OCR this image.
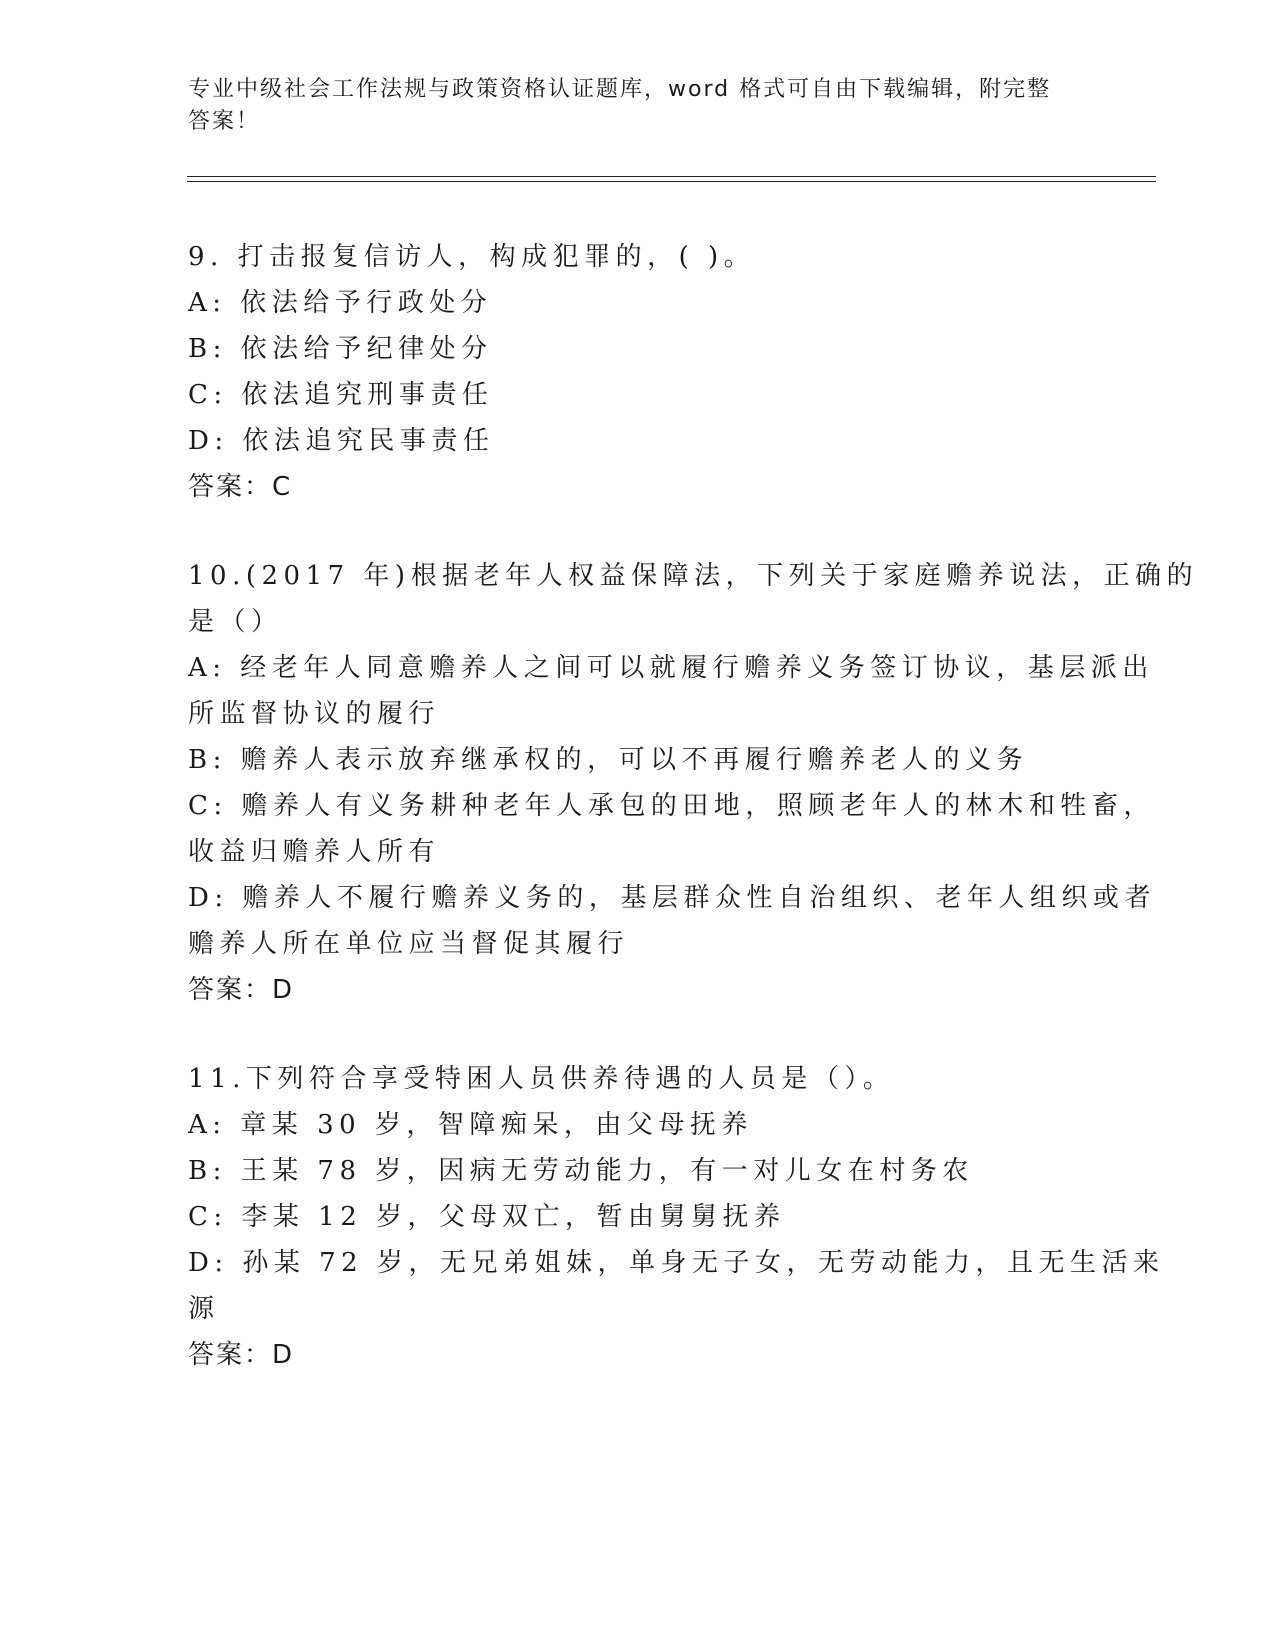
专业中级社会工作法规与政策资格认证题库，word 格式可自由下载编辑，附完整
答案！
9. 打击报复信访人，构成犯罪的，( )。
A: 依法给予行政处分
B: 依法给予纪律处分
C: 依法追究刑事责任
D: 依法追究民事责任
答案：C
10.(2017 年)根据老年人权益保障法，下列关于家庭赡养说法，正确的
是（）
A: 经老年人同意赡养人之间可以就履行赡养义务签订协议，基层派出
所监督协议的履行
B: 赡养人表示放弃继承权的，可以不再履行赡养老人的义务
C: 赡养人有义务耕种老年人承包的田地，照顾老年人的林木和牲畜，
收益归赡养人所有
D: 赡养人不履行赡养义务的，基层群众性自治组织、老年人组织或者
赡养人所在单位应当督促其履行
答案：D
11.下列符合享受特困人员供养待遇的人员是（）。
A: 章某 30 岁，智障痴呆，由父母抚养
B: 王某 78 岁，因病无劳动能力，有一对儿女在村务农
C: 李某 12 岁，父母双亡，暂由舅舅抚养
D: 孙某 72 岁，无兄弟姐妹，单身无子女，无劳动能力，且无生活来
源
答案：D
